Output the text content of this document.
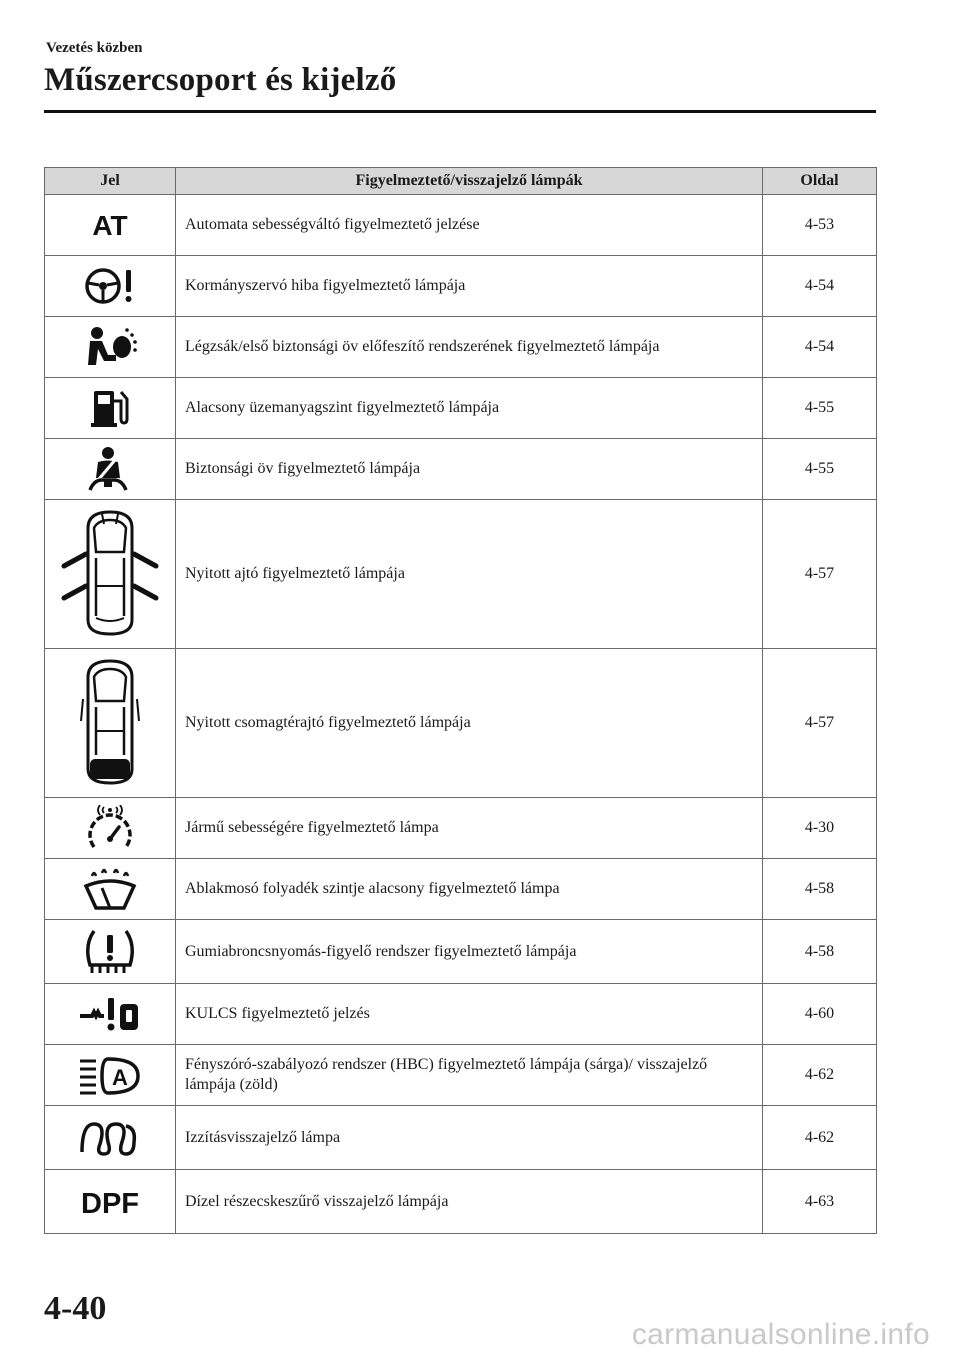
Vezetés közben
Műszercsoport és kijelző
Jel	Figyelmeztető/visszajelző lámpák	Oldal

AT	Automata sebességváltó figyelmeztető jelzése	4-53

	Kormányszervó hiba figyelmeztető lámpája	4-54

	Légzsák/első biztonsági öv előfeszítő rendszerének figyelmeztető lámpája	4-54

	Alacsony üzemanyagszint figyelmeztető lámpája	4-55

	Biztonsági öv figyelmeztető lámpája	4-55

	Nyitott ajtó figyelmeztető lámpája	4-57

	Nyitott csomagtérajtó figyelmeztető lámpája	4-57

	Jármű sebességére figyelmeztető lámpa	4-30

	Ablakmosó folyadék szintje alacsony figyelmeztető lámpa	4-58

	Gumiabroncsnyomás-figyelő rendszer figyelmeztető lámpája	4-58

	KULCS figyelmeztető jelzés	4-60

A	Fényszóró-szabályozó rendszer (HBC) figyelmeztető lámpája (sárga)/ visszajelző lámpája (zöld)	4-62

	Izzításvisszajelző lámpa	4-62

DPF	Dízel részecskeszűrő visszajelző lámpája	4-63
4-40
carmanualsonline.info
